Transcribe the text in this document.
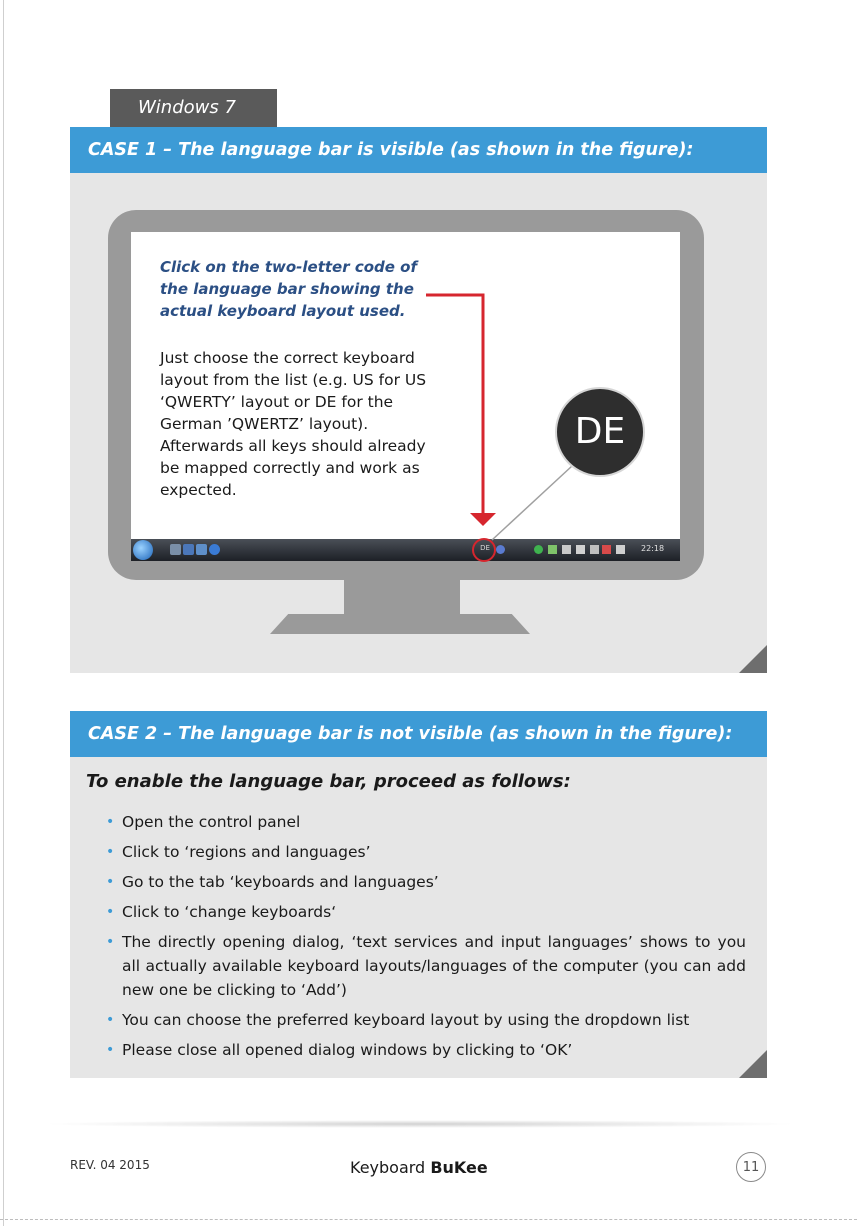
Windows 7
CASE 1 – The language bar is visible (as shown in the figure):
DE	22:18
Click on the two-letter code of the language bar showing the actual keyboard layout used.
Just choose the correct keyboard layout from the list (e.g. US for US ‘QWERTY’ layout or DE for the German ’QWERTZ’ layout). Afterwards all keys should already be mapped correctly and work as expected.
DE
CASE 2 – The language bar is not visible (as shown in the figure):
To enable the language bar, proceed as follows:
• Open the control panel
• Click to ‘regions and languages’
• Go to the tab ‘keyboards and languages’
• Click to ‘change keyboards‘
• The directly opening dialog, ‘text services and input languages’ shows to you all actually available keyboard layouts/languages of the computer (you can add new one be clicking to ‘Add’)
• You can choose the preferred keyboard layout by using the dropdown list
• Please close all opened dialog windows by clicking to ‘OK’
REV. 04 2015	Keyboard BuKee	11
